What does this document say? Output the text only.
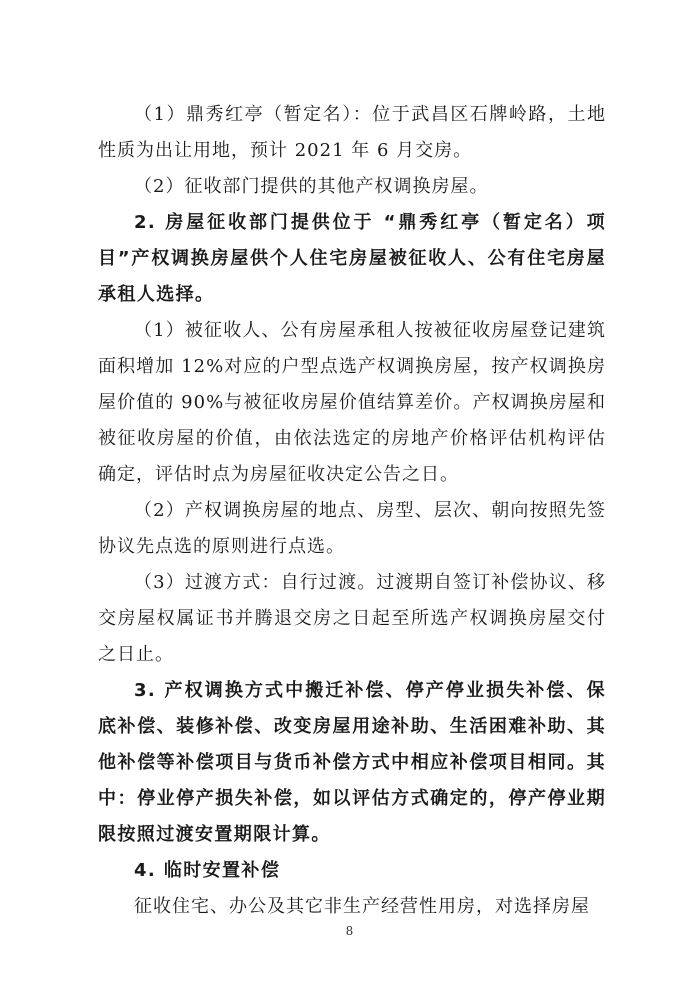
（1）鼎秀红亭（暂定名）：位于武昌区石牌岭路，土地性质为出让用地，预计 2021 年 6 月交房。

（2）征收部门提供的其他产权调换房屋。

2. 房屋征收部门提供位于 “鼎秀红亭（暂定名）项目”产权调换房屋供个人住宅房屋被征收人、公有住宅房屋承租人选择。

（1）被征收人、公有房屋承租人按被征收房屋登记建筑面积增加 12%对应的户型点选产权调换房屋，按产权调换房屋价值的 90%与被征收房屋价值结算差价。产权调换房屋和被征收房屋的价值，由依法选定的房地产价格评估机构评估确定，评估时点为房屋征收决定公告之日。

（2）产权调换房屋的地点、房型、层次、朝向按照先签协议先点选的原则进行点选。

（3）过渡方式：自行过渡。过渡期自签订补偿协议、移交房屋权属证书并腾退交房之日起至所选产权调换房屋交付之日止。

3. 产权调换方式中搬迁补偿、停产停业损失补偿、保底补偿、装修补偿、改变房屋用途补助、生活困难补助、其他补偿等补偿项目与货币补偿方式中相应补偿项目相同。其中：停业停产损失补偿，如以评估方式确定的，停产停业期限按照过渡安置期限计算。

4. 临时安置补偿

征收住宅、办公及其它非生产经营性用房，对选择房屋

8
